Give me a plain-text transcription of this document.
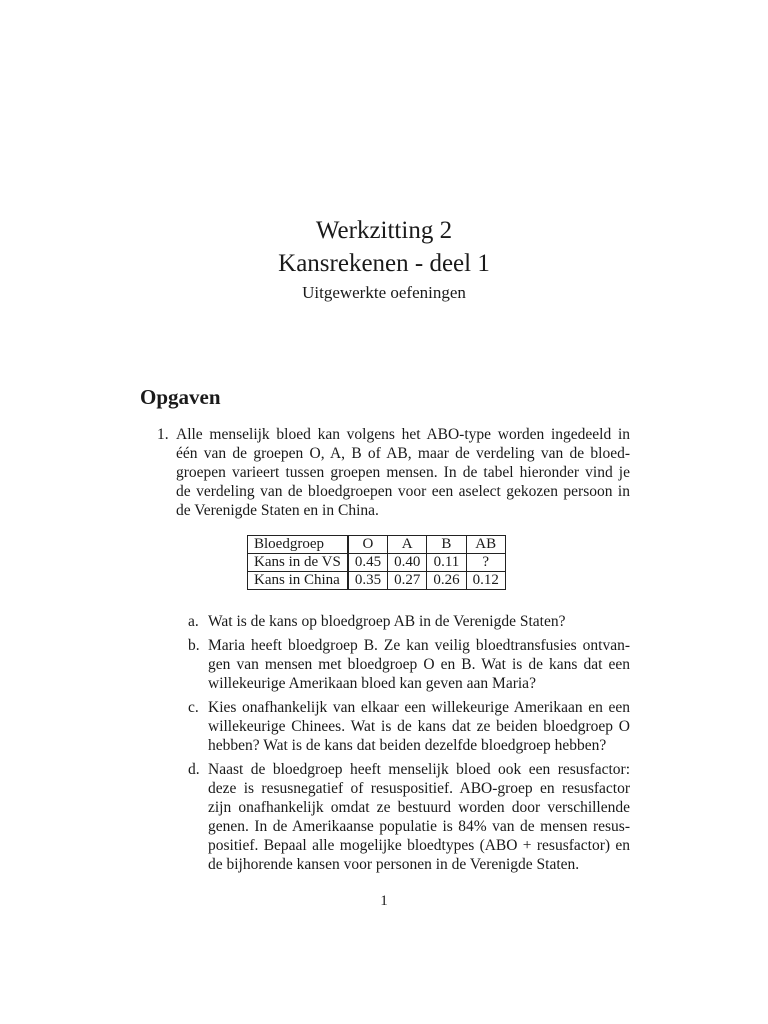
Werkzitting 2
Kansrekenen - deel 1
Uitgewerkte oefeningen
Opgaven
1. Alle menselijk bloed kan volgens het ABO-type worden ingedeeld in
één van de groepen O, A, B of AB, maar de verdeling van de bloed-
groepen varieert tussen groepen mensen. In de tabel hieronder vind je
de verdeling van de bloedgroepen voor een aselect gekozen persoon in
de Verenigde Staten en in China.
Bloedgroep	O	A	B	AB
Kans in de VS	0.45	0.40	0.11	?
Kans in China	0.35	0.27	0.26	0.12
a. Wat is de kans op bloedgroep AB in de Verenigde Staten?
b. Maria heeft bloedgroep B. Ze kan veilig bloedtransfusies ontvan-
gen van mensen met bloedgroep O en B. Wat is de kans dat een
willekeurige Amerikaan bloed kan geven aan Maria?
c. Kies onafhankelijk van elkaar een willekeurige Amerikaan en een
willekeurige Chinees. Wat is de kans dat ze beiden bloedgroep O
hebben? Wat is de kans dat beiden dezelfde bloedgroep hebben?
d. Naast de bloedgroep heeft menselijk bloed ook een resusfactor:
deze is resusnegatief of resuspositief. ABO-groep en resusfactor
zijn onafhankelijk omdat ze bestuurd worden door verschillende
genen. In de Amerikaanse populatie is 84% van de mensen resus-
positief. Bepaal alle mogelijke bloedtypes (ABO + resusfactor) en
de bijhorende kansen voor personen in de Verenigde Staten.
1
